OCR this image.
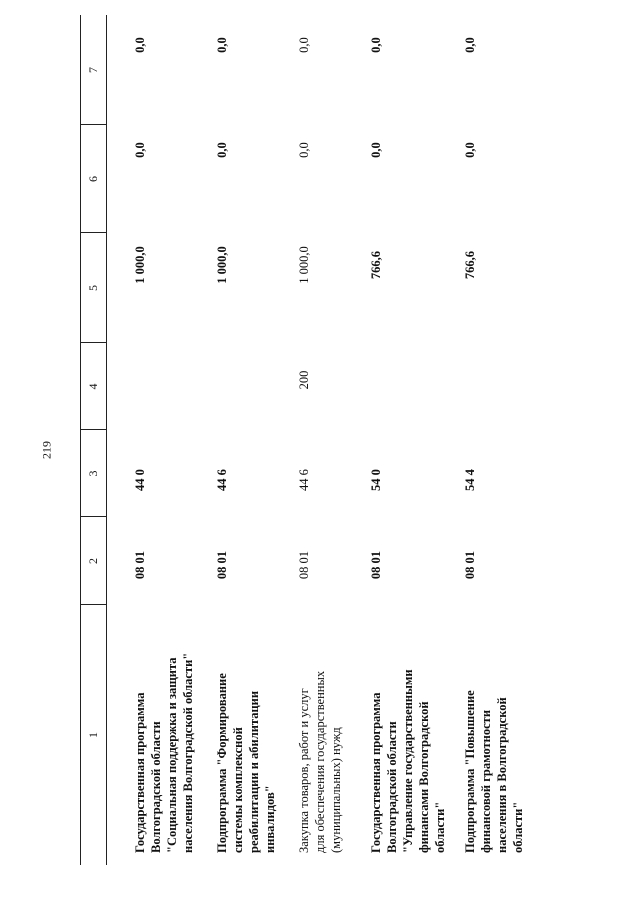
219
1
2
3
4
5
6
7
Государственная программа
Волгоградской области
"Социальная поддержка и защита
населения Волгоградской области"
08 01
44 0
1 000,0
0,0
0,0
Подпрограмма "Формирование
системы комплексной
реабилитации и абилитации
инвалидов"
08 01
44 6
1 000,0
0,0
0,0
Закупка товаров, работ и услуг
для обеспечения государственных
(муниципальных) нужд
08 01
44 6
200
1 000,0
0,0
0,0
Государственная программа
Волгоградской области
"Управление государственными
финансами Волгоградской
области"
08 01
54 0
766,6
0,0
0,0
Подпрограмма "Повышение
финансовой грамотности
населения в Волгоградской
области"
08 01
54 4
766,6
0,0
0,0
